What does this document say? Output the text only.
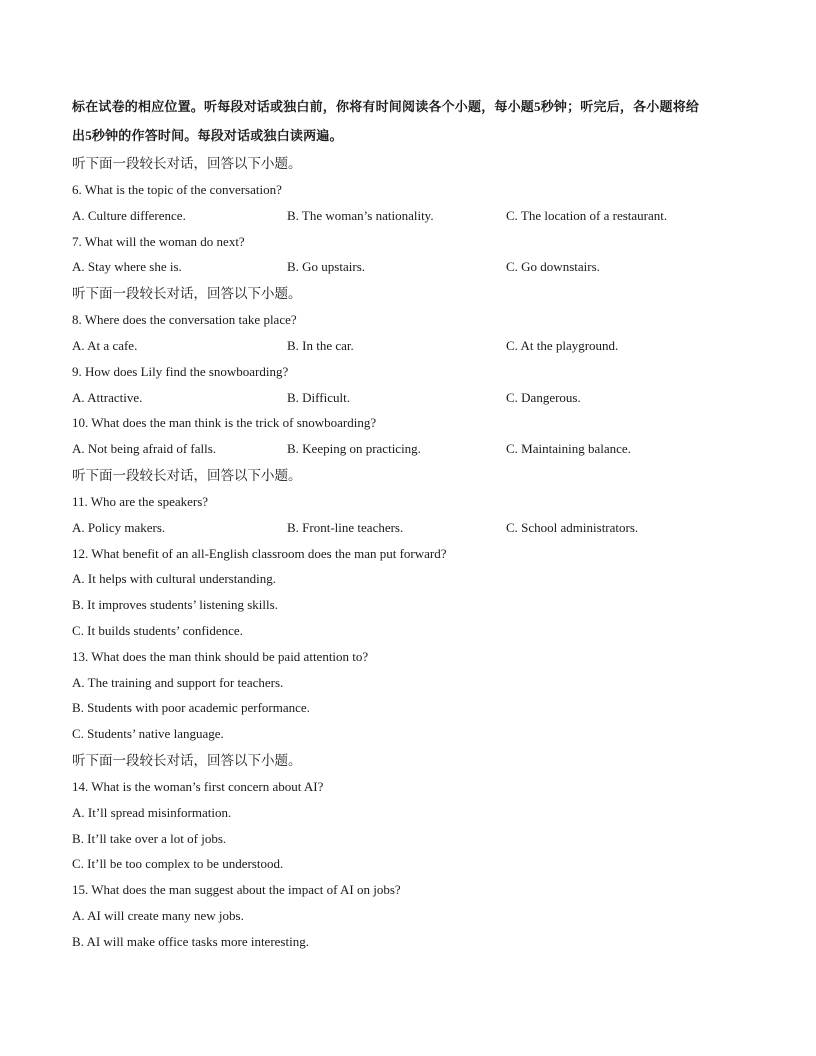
标在试卷的相应位置。听每段对话或独白前，你将有时间阅读各个小题，每小题5秒钟；听完后，各小题将给
出5秒钟的作答时间。每段对话或独白读两遍。
听下面一段较长对话，回答以下小题。
6. What is the topic of the conversation?
A. Culture difference.	B. The woman’s nationality.	C. The location of a restaurant.
7. What will the woman do next?
A. Stay where she is.	B. Go upstairs.	C. Go downstairs.
听下面一段较长对话，回答以下小题。
8. Where does the conversation take place?
A. At a cafe.	B. In the car.	C. At the playground.
9. How does Lily find the snowboarding?
A. Attractive.	B. Difficult.	C. Dangerous.
10. What does the man think is the trick of snowboarding?
A. Not being afraid of falls.	B. Keeping on practicing.	C. Maintaining balance.
听下面一段较长对话，回答以下小题。
11. Who are the speakers?
A. Policy makers.	B. Front-line teachers.	C. School administrators.
12. What benefit of an all-English classroom does the man put forward?
A. It helps with cultural understanding.
B. It improves students’ listening skills.
C. It builds students’ confidence.
13. What does the man think should be paid attention to?
A. The training and support for teachers.
B. Students with poor academic performance.
C. Students’ native language.
听下面一段较长对话，回答以下小题。
14. What is the woman’s first concern about AI?
A. It’ll spread misinformation.
B. It’ll take over a lot of jobs.
C. It’ll be too complex to be understood.
15. What does the man suggest about the impact of AI on jobs?
A. AI will create many new jobs.
B. AI will make office tasks more interesting.
